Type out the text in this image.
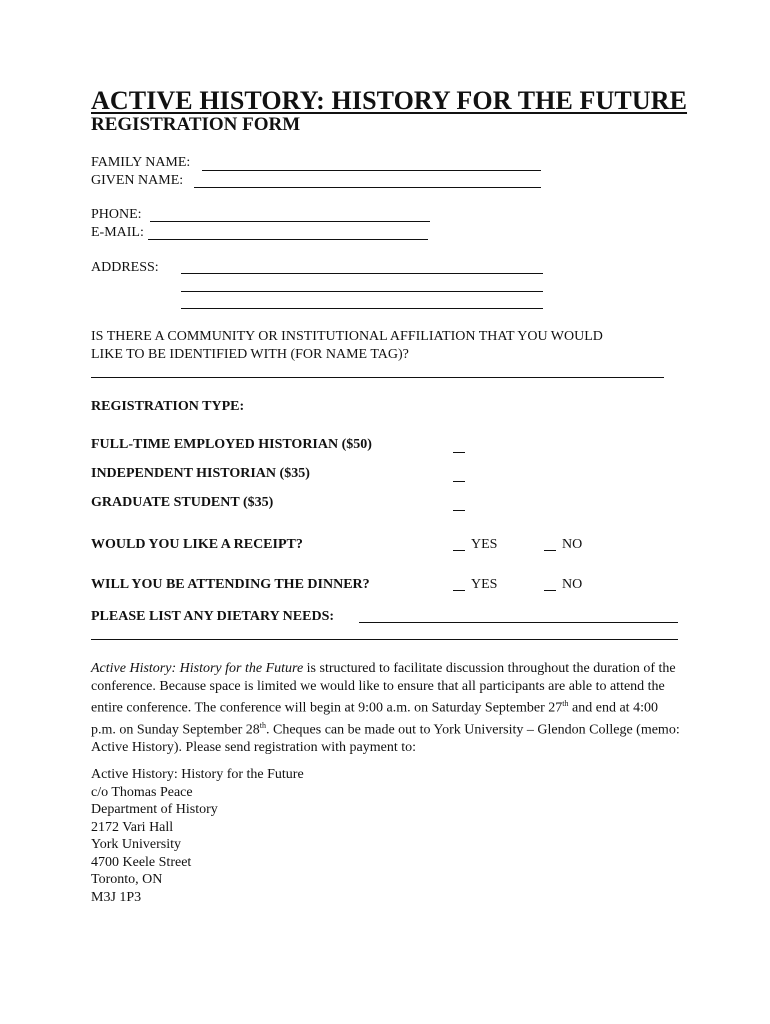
ACTIVE HISTORY: HISTORY FOR THE FUTURE
REGISTRATION FORM
FAMILY NAME:
GIVEN NAME:
PHONE:
E-MAIL:
ADDRESS:
IS THERE A COMMUNITY OR INSTITUTIONAL AFFILIATION THAT YOU WOULD
LIKE TO BE IDENTIFIED WITH (FOR NAME TAG)?
REGISTRATION TYPE:
FULL-TIME EMPLOYED HISTORIAN ($50)
INDEPENDENT HISTORIAN ($35)
GRADUATE STUDENT ($35)
WOULD YOU LIKE A RECEIPT?	YES	NO
WILL YOU BE ATTENDING THE DINNER?	YES	NO
PLEASE LIST ANY DIETARY NEEDS:
Active History: History for the Future is structured to facilitate discussion throughout the duration of the conference. Because space is limited we would like to ensure that all participants are able to attend the entire conference. The conference will begin at 9:00 a.m. on Saturday September 27th and end at 4:00 p.m. on Sunday September 28th. Cheques can be made out to York University – Glendon College (memo: Active History). Please send registration with payment to:
Active History: History for the Future
c/o Thomas Peace
Department of History
2172 Vari Hall
York University
4700 Keele Street
Toronto, ON
M3J 1P3
